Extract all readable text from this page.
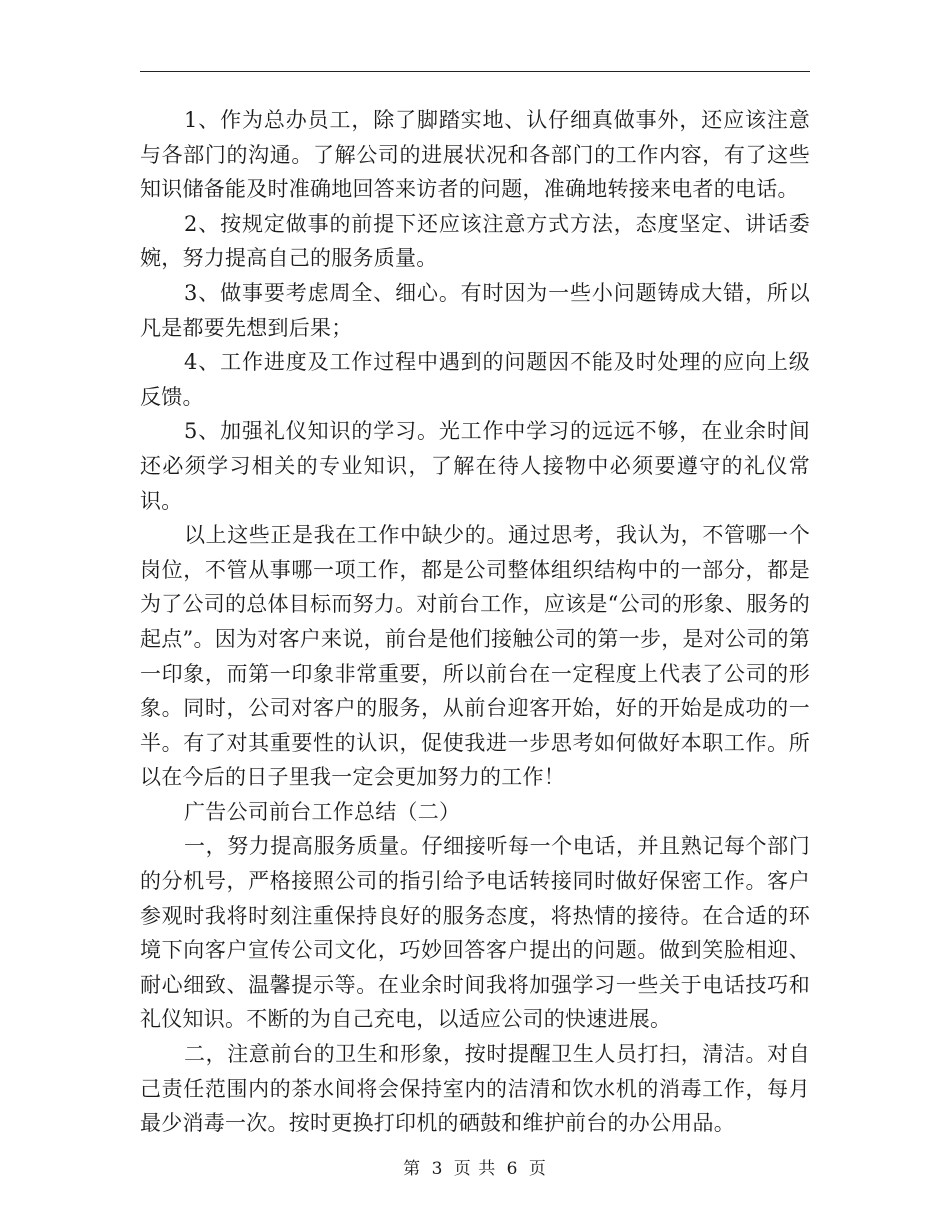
1、作为总办员工，除了脚踏实地、认仔细真做事外，还应该注意与各部门的沟通。了解公司的进展状况和各部门的工作内容，有了这些知识储备能及时准确地回答来访者的问题，准确地转接来电者的电话。

2、按规定做事的前提下还应该注意方式方法，态度坚定、讲话委婉，努力提高自己的服务质量。

3、做事要考虑周全、细心。有时因为一些小问题铸成大错，所以凡是都要先想到后果；

4、工作进度及工作过程中遇到的问题因不能及时处理的应向上级反馈。

5、加强礼仪知识的学习。光工作中学习的远远不够，在业余时间还必须学习相关的专业知识，了解在待人接物中必须要遵守的礼仪常识。

以上这些正是我在工作中缺少的。通过思考，我认为，不管哪一个岗位，不管从事哪一项工作，都是公司整体组织结构中的一部分，都是为了公司的总体目标而努力。对前台工作，应该是“公司的形象、服务的起点”。因为对客户来说，前台是他们接触公司的第一步，是对公司的第一印象，而第一印象非常重要，所以前台在一定程度上代表了公司的形象。同时，公司对客户的服务，从前台迎客开始，好的开始是成功的一半。有了对其重要性的认识，促使我进一步思考如何做好本职工作。所以在今后的日子里我一定会更加努力的工作！

广告公司前台工作总结（二）

一，努力提高服务质量。仔细接听每一个电话，并且熟记每个部门的分机号，严格接照公司的指引给予电话转接同时做好保密工作。客户参观时我将时刻注重保持良好的服务态度，将热情的接待。在合适的环境下向客户宣传公司文化，巧妙回答客户提出的问题。做到笑脸相迎、耐心细致、温馨提示等。在业余时间我将加强学习一些关于电话技巧和礼仪知识。不断的为自己充电，以适应公司的快速进展。

二，注意前台的卫生和形象，按时提醒卫生人员打扫，清洁。对自己责任范围内的茶水间将会保持室内的洁清和饮水机的消毒工作，每月最少消毒一次。按时更换打印机的硒鼓和维护前台的办公用品。

第 3 页 共 6 页
